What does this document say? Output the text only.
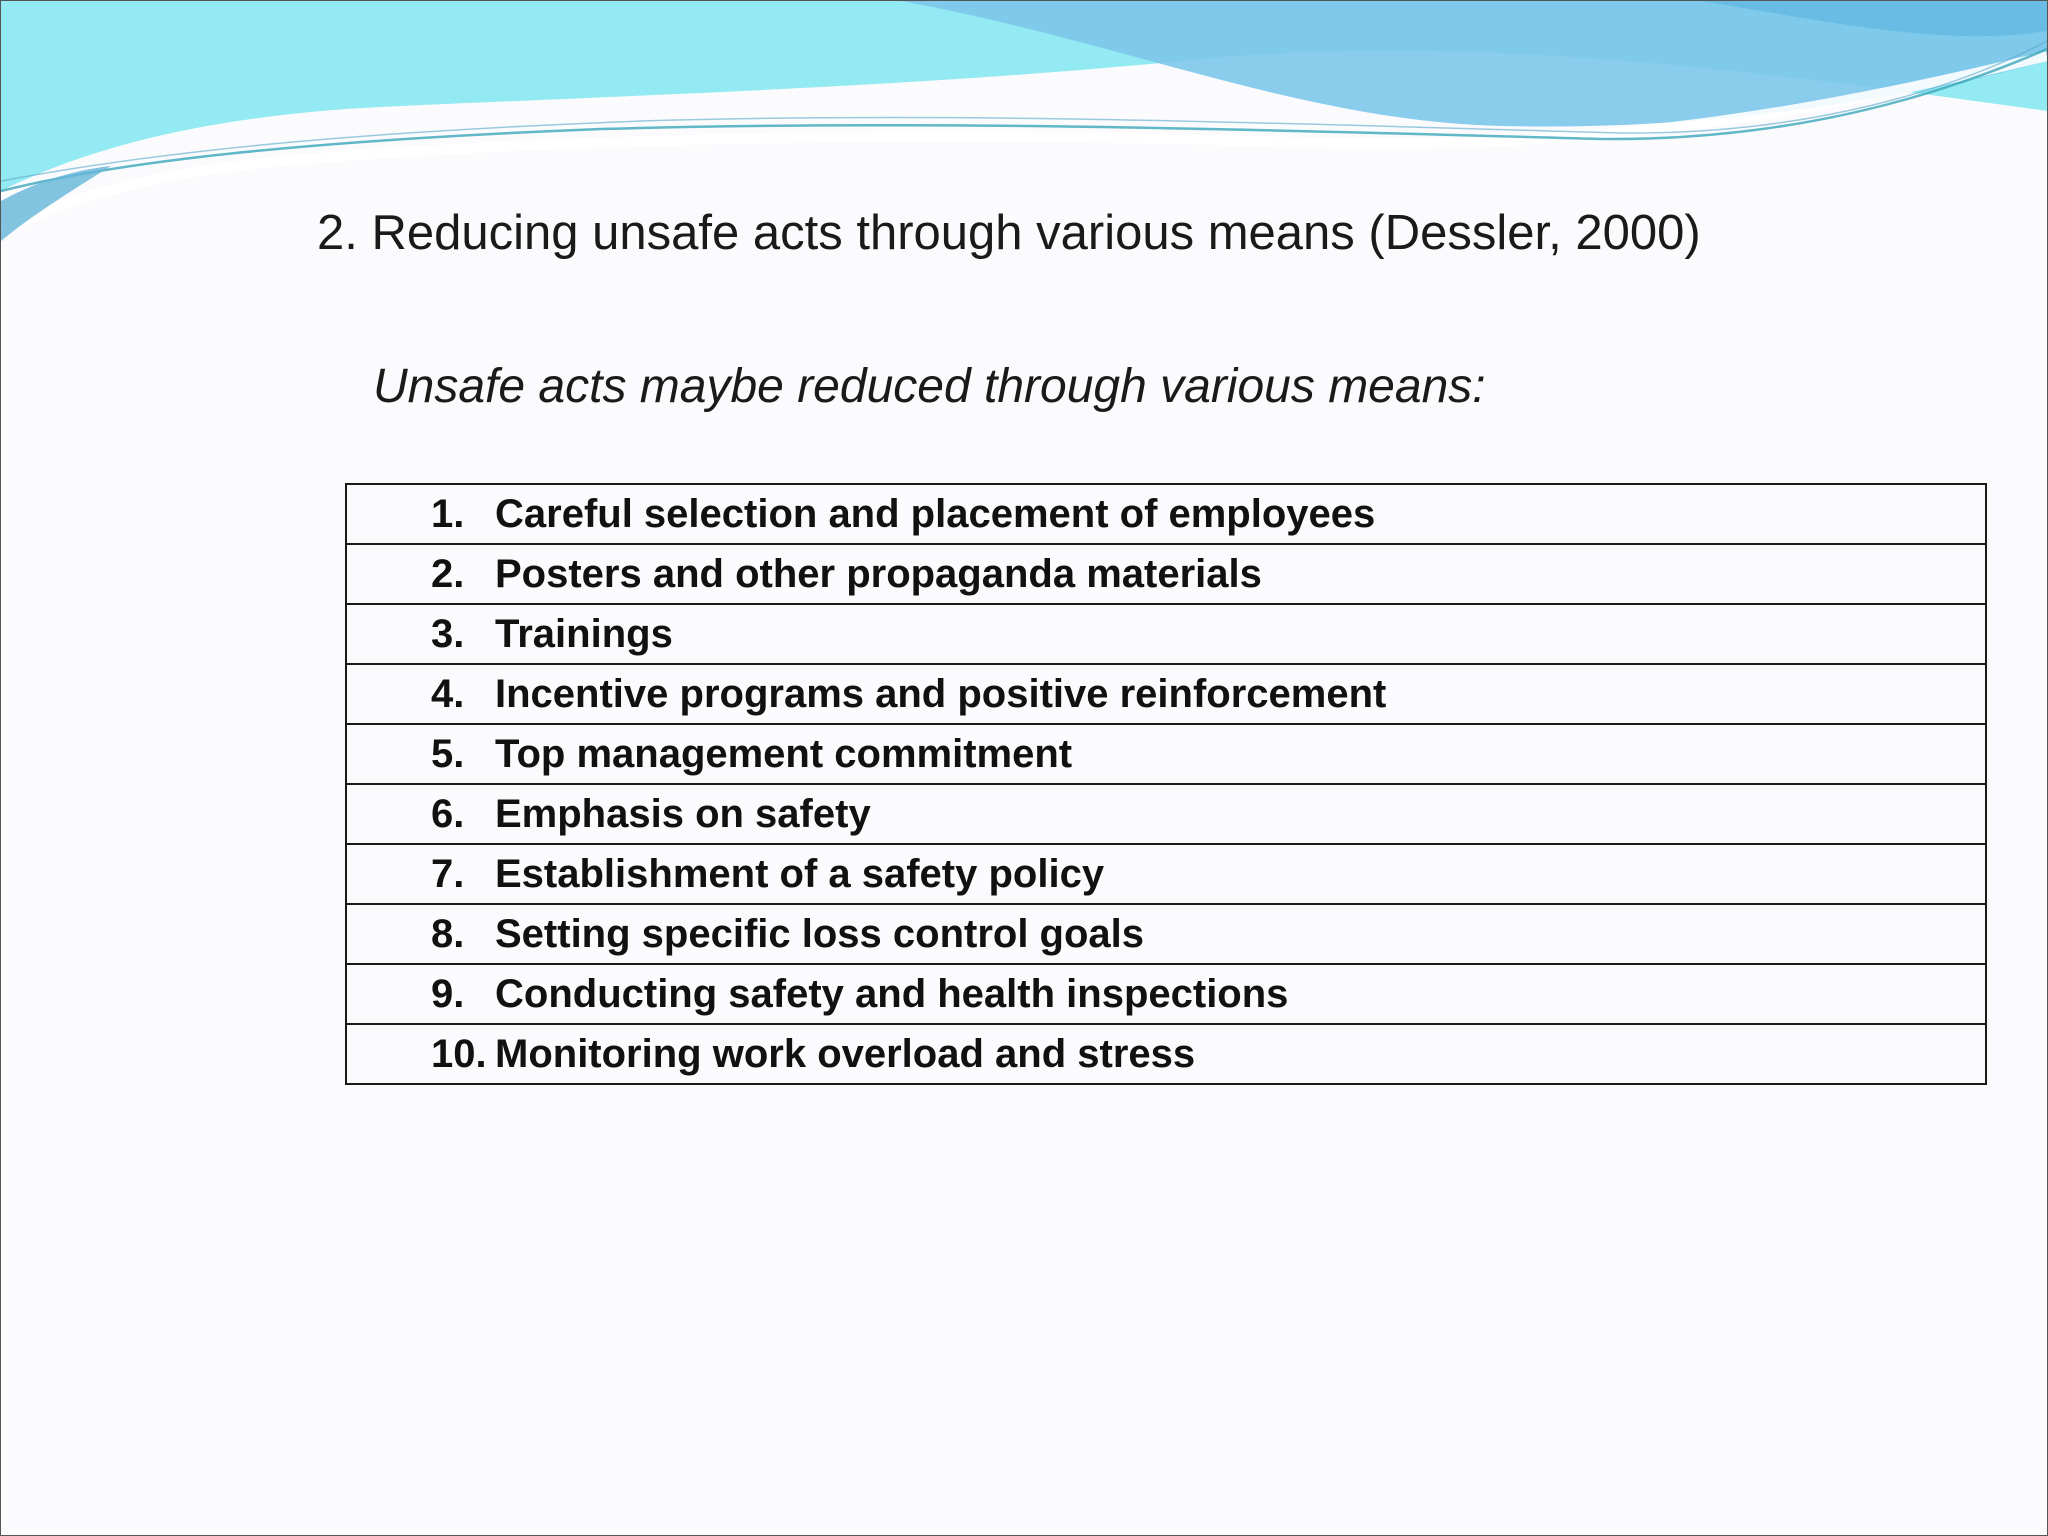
2. Reducing unsafe acts through various means (Dessler, 2000)

Unsafe acts maybe reduced through various means:

1. Careful selection and placement of employees
2. Posters and other propaganda materials
3. Trainings
4. Incentive programs and positive reinforcement
5. Top management commitment
6. Emphasis on safety
7. Establishment of a safety policy
8. Setting specific loss control goals
9. Conducting safety and health inspections
10. Monitoring work overload and stress
